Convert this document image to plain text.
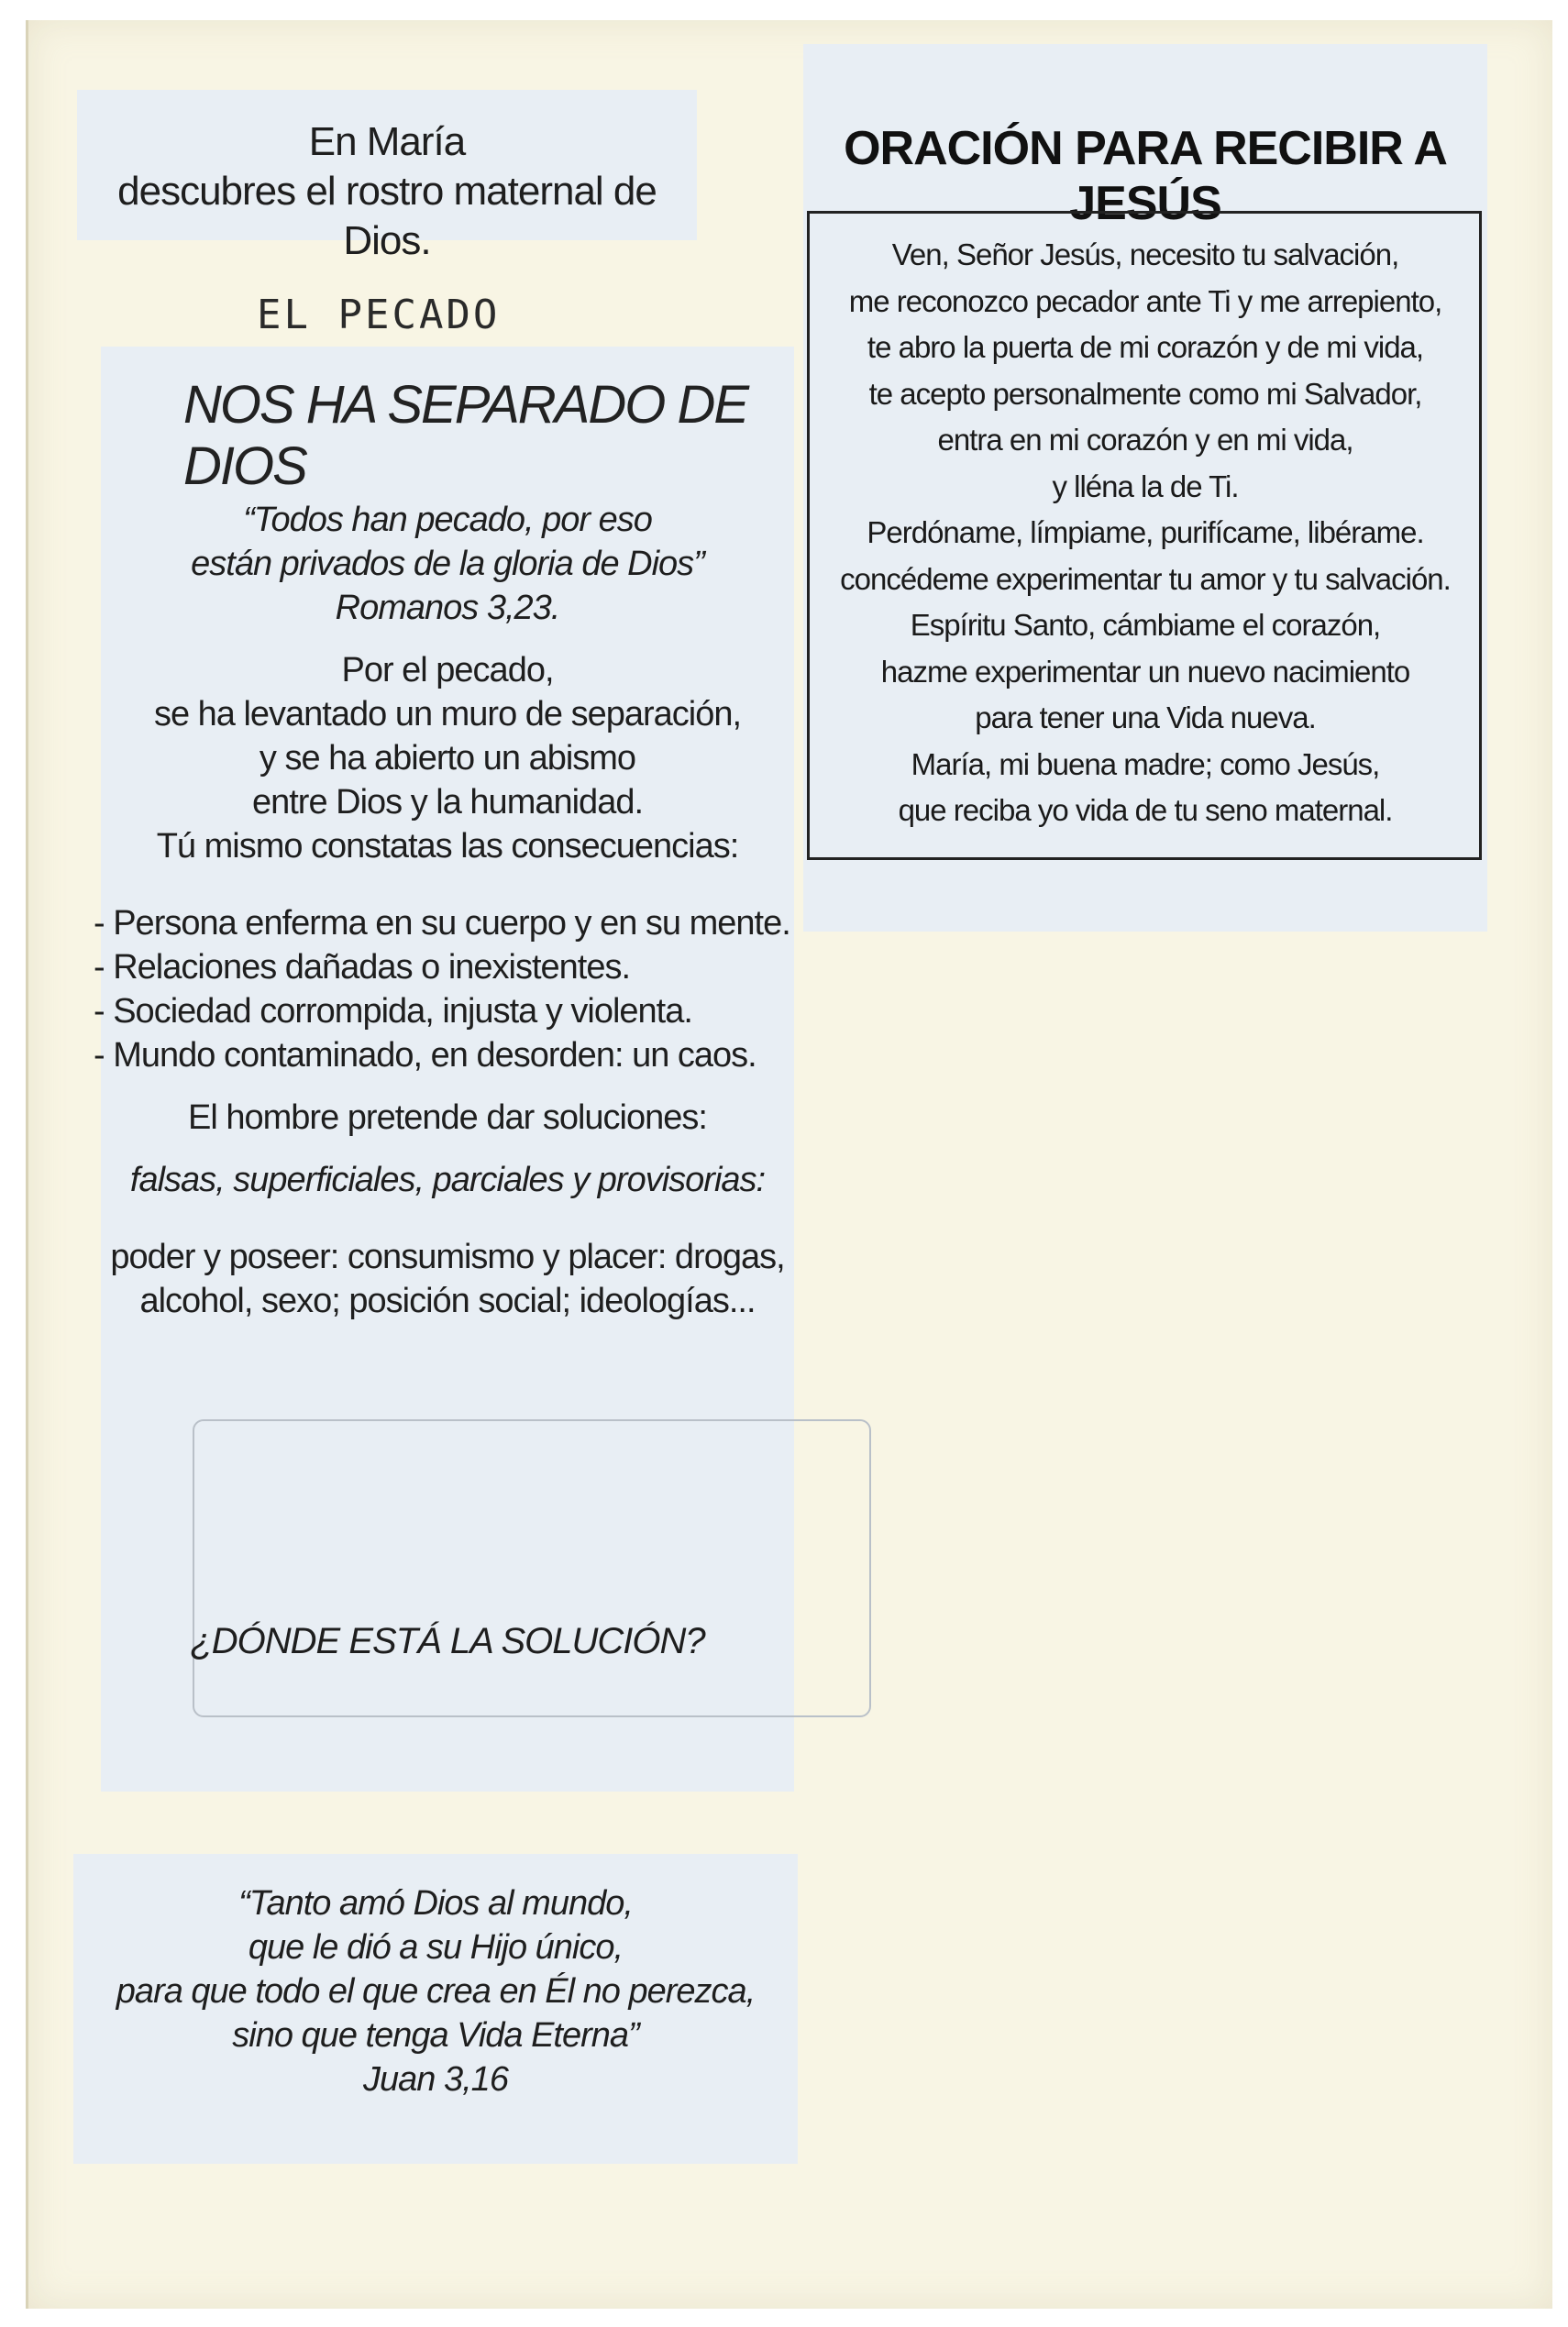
En María
descubres el rostro maternal de Dios.
EL PECADO
NOS HA SEPARADO DE DIOS
“Todos han pecado, por eso
están privados de la gloria de Dios”
Romanos 3,23.
Por el pecado,
se ha levantado un muro de separación,
y se ha abierto un abismo
entre Dios y la humanidad.
Tú mismo constatas las consecuencias:
- Persona enferma en su cuerpo y en su mente.
- Relaciones dañadas o inexistentes.
- Sociedad corrompida, injusta y violenta.
- Mundo contaminado, en desorden: un caos.
El hombre pretende dar soluciones:
falsas, superficiales, parciales y provisorias:
poder y poseer: consumismo y placer: drogas,
alcohol, sexo; posición social; ideologías...
¿DÓNDE ESTÁ LA SOLUCIÓN?
“Tanto amó Dios al mundo,
que le dió a su Hijo único,
para que todo el que crea en Él no perezca,
sino que tenga Vida Eterna”
Juan 3,16
ORACIÓN PARA RECIBIR A JESÚS
Ven, Señor Jesús, necesito tu salvación,
me reconozco pecador ante Ti y me arrepiento,
te abro la puerta de mi corazón y de mi vida,
te acepto personalmente como mi Salvador,
entra en mi corazón y en mi vida,
y lléna la de Ti.
Perdóname, límpiame, purifícame, libérame.
concédeme experimentar tu amor y tu salvación.
Espíritu Santo, cámbiame el corazón,
hazme experimentar un nuevo nacimiento
para tener una Vida nueva.
María, mi buena madre; como Jesús,
que reciba yo vida de tu seno maternal.
